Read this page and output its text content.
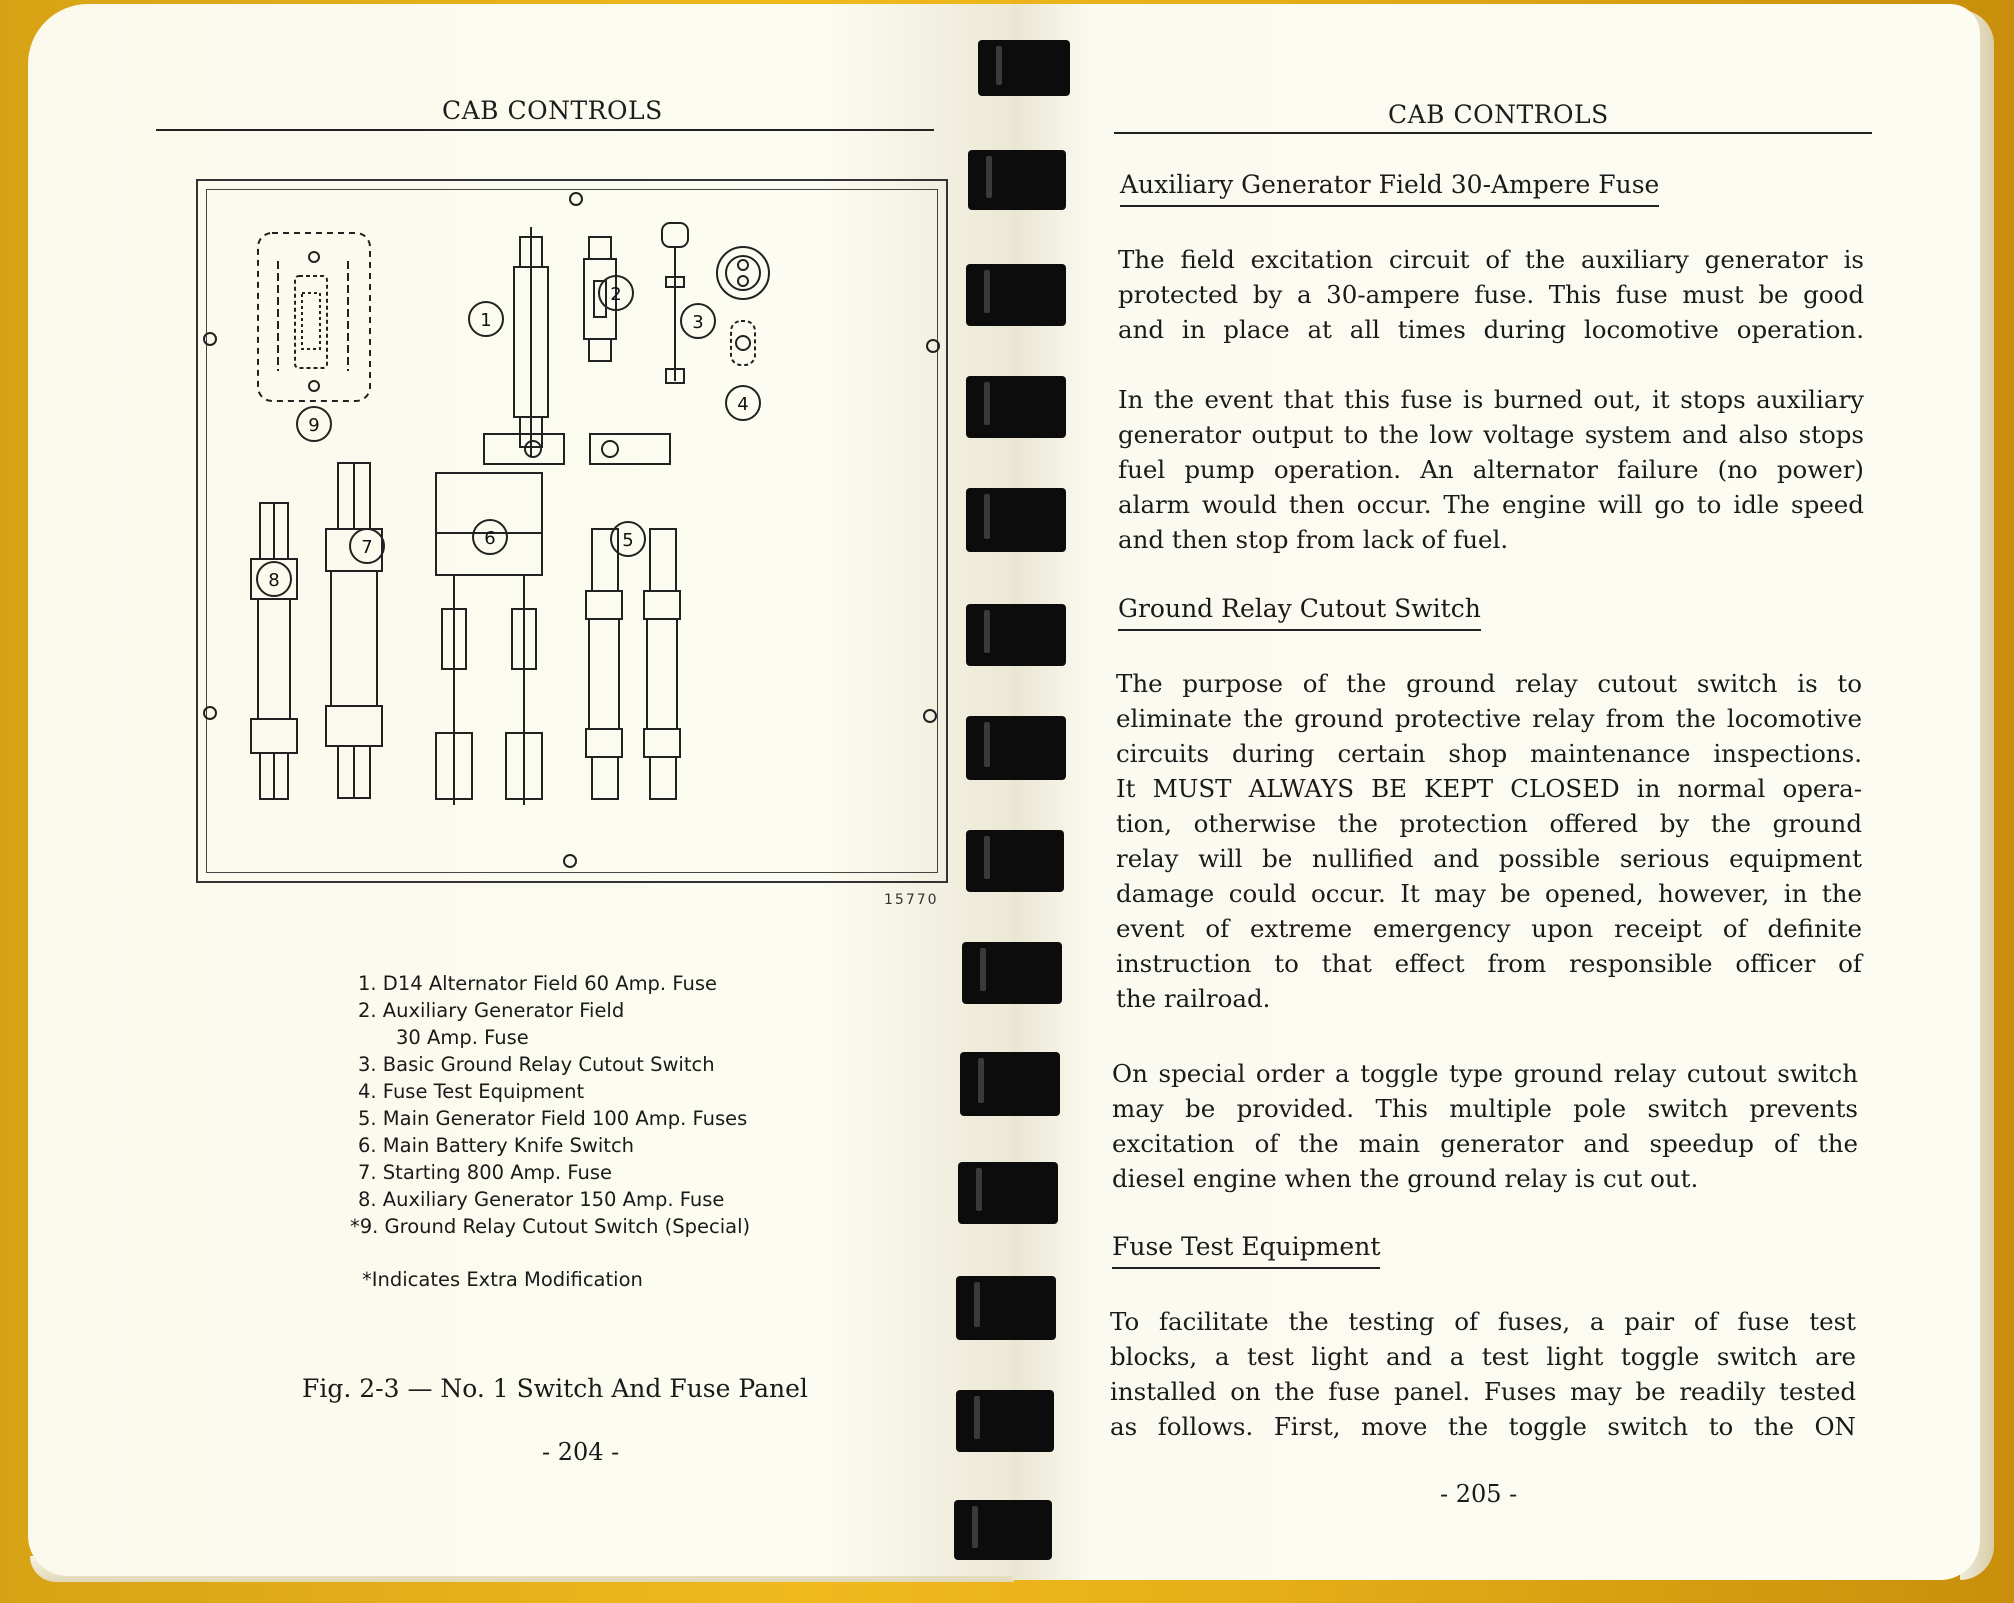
CAB CONTROLS
1
2
3
4
5
6
7
8
9
15770
1. D14 Alternator Field 60 Amp. Fuse
2. Auxiliary Generator Field
30 Amp. Fuse
3. Basic Ground Relay Cutout Switch
4. Fuse Test Equipment
5. Main Generator Field 100 Amp. Fuses
6. Main Battery Knife Switch
7. Starting 800 Amp. Fuse
8. Auxiliary Generator 150 Amp. Fuse
*9. Ground Relay Cutout Switch (Special)
*Indicates Extra Modification
Fig. 2-3 — No. 1 Switch And Fuse Panel
- 204 -
CAB CONTROLS
Auxiliary Generator Field 30-Ampere Fuse
The field excitation circuit of the auxiliary generator is
protected by a 30-ampere fuse. This fuse must be good
and in place at all times during locomotive operation.
In the event that this fuse is burned out, it stops auxiliary
generator output to the low voltage system and also stops
fuel pump operation. An alternator failure (no power)
alarm would then occur. The engine will go to idle speed
and then stop from lack of fuel.
Ground Relay Cutout Switch
The purpose of the ground relay cutout switch is to
eliminate the ground protective relay from the locomotive
circuits during certain shop maintenance inspections.
It MUST ALWAYS BE KEPT CLOSED in normal opera-
tion, otherwise the protection offered by the ground
relay will be nullified and possible serious equipment
damage could occur. It may be opened, however, in the
event of extreme emergency upon receipt of definite
instruction to that effect from responsible officer of
the railroad.
On special order a toggle type ground relay cutout switch
may be provided. This multiple pole switch prevents
excitation of the main generator and speedup of the
diesel engine when the ground relay is cut out.
Fuse Test Equipment
To facilitate the testing of fuses, a pair of fuse test
blocks, a test light and a test light toggle switch are
installed on the fuse panel. Fuses may be readily tested
as follows. First, move the toggle switch to the ON
- 205 -
